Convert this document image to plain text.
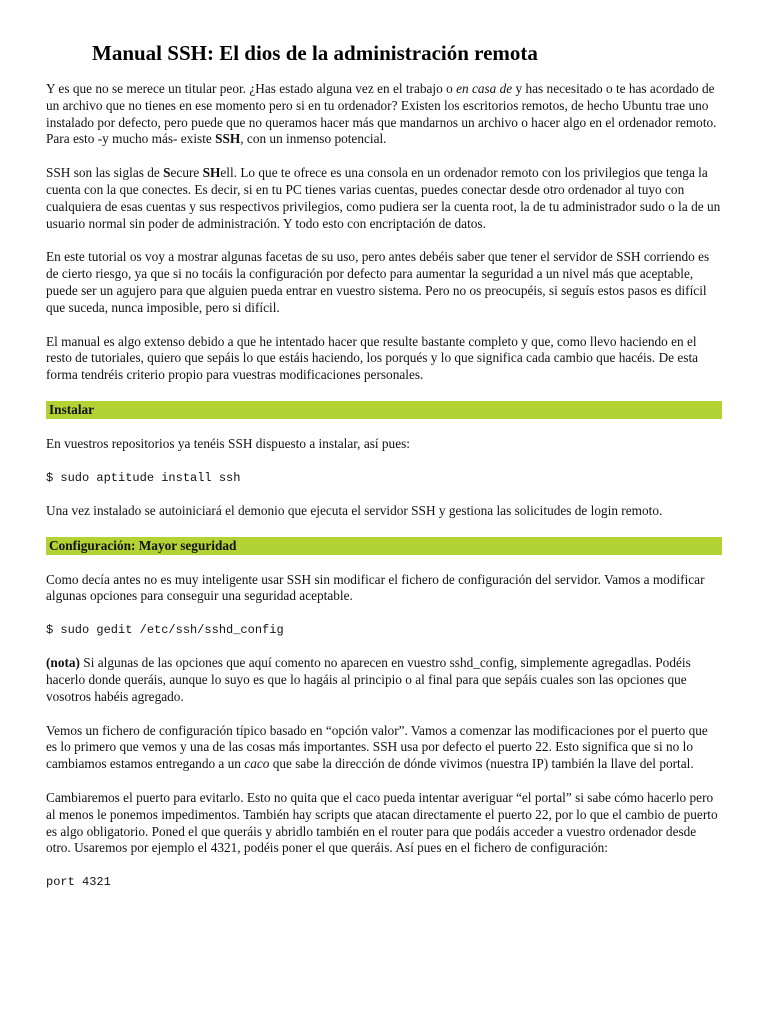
Manual SSH: El dios de la administración remota

Y es que no se merece un titular peor. ¿Has estado alguna vez en el trabajo o en casa de y has necesitado o te has acordado de un archivo que no tienes en ese momento pero si en tu ordenador? Existen los escritorios remotos, de hecho Ubuntu trae uno instalado por defecto, pero puede que no queramos hacer más que mandarnos un archivo o hacer algo en el ordenador remoto. Para esto -y mucho más- existe SSH, con un inmenso potencial.

SSH son las siglas de Secure SHell. Lo que te ofrece es una consola en un ordenador remoto con los privilegios que tenga la cuenta con la que conectes. Es decir, si en tu PC tienes varias cuentas, puedes conectar desde otro ordenador al tuyo con cualquiera de esas cuentas y sus respectivos privilegios, como pudiera ser la cuenta root, la de tu administrador sudo o la de un usuario normal sin poder de administración. Y todo esto con encriptación de datos.

En este tutorial os voy a mostrar algunas facetas de su uso, pero antes debéis saber que tener el servidor de SSH corriendo es de cierto riesgo, ya que si no tocáis la configuración por defecto para aumentar la seguridad a un nivel más que aceptable, puede ser un agujero para que alguien pueda entrar en vuestro sistema. Pero no os preocupéis, si seguís estos pasos es difícil que suceda, nunca imposible, pero si difícil.

El manual es algo extenso debido a que he intentado hacer que resulte bastante completo y que, como llevo haciendo en el resto de tutoriales, quiero que sepáis lo que estáis haciendo, los porqués y lo que significa cada cambio que hacéis. De esta forma tendréis criterio propio para vuestras modificaciones personales.

Instalar

En vuestros repositorios ya tenéis SSH dispuesto a instalar, así pues:

$ sudo aptitude install ssh

Una vez instalado se autoiniciará el demonio que ejecuta el servidor SSH y gestiona las solicitudes de login remoto.

Configuración: Mayor seguridad

Como decía antes no es muy inteligente usar SSH sin modificar el fichero de configuración del servidor. Vamos a modificar algunas opciones para conseguir una seguridad aceptable.

$ sudo gedit /etc/ssh/sshd_config

(nota) Si algunas de las opciones que aquí comento no aparecen en vuestro sshd_config, simplemente agregadlas. Podéis hacerlo donde queráis, aunque lo suyo es que lo hagáis al principio o al final para que sepáis cuales son las opciones que vosotros habéis agregado.

Vemos un fichero de configuración típico basado en “opción valor”. Vamos a comenzar las modificaciones por el puerto que es lo primero que vemos y una de las cosas más importantes. SSH usa por defecto el puerto 22. Esto significa que si no lo cambiamos estamos entregando a un caco que sabe la dirección de dónde vivimos (nuestra IP) también la llave del portal.

Cambiaremos el puerto para evitarlo. Esto no quita que el caco pueda intentar averiguar “el portal” si sabe cómo hacerlo pero al menos le ponemos impedimentos. También hay scripts que atacan directamente el puerto 22, por lo que el cambio de puerto es algo obligatorio. Poned el que queráis y abridlo también en el router para que podáis acceder a vuestro ordenador desde otro. Usaremos por ejemplo el 4321, podéis poner el que queráis. Así pues en el fichero de configuración:

port 4321
